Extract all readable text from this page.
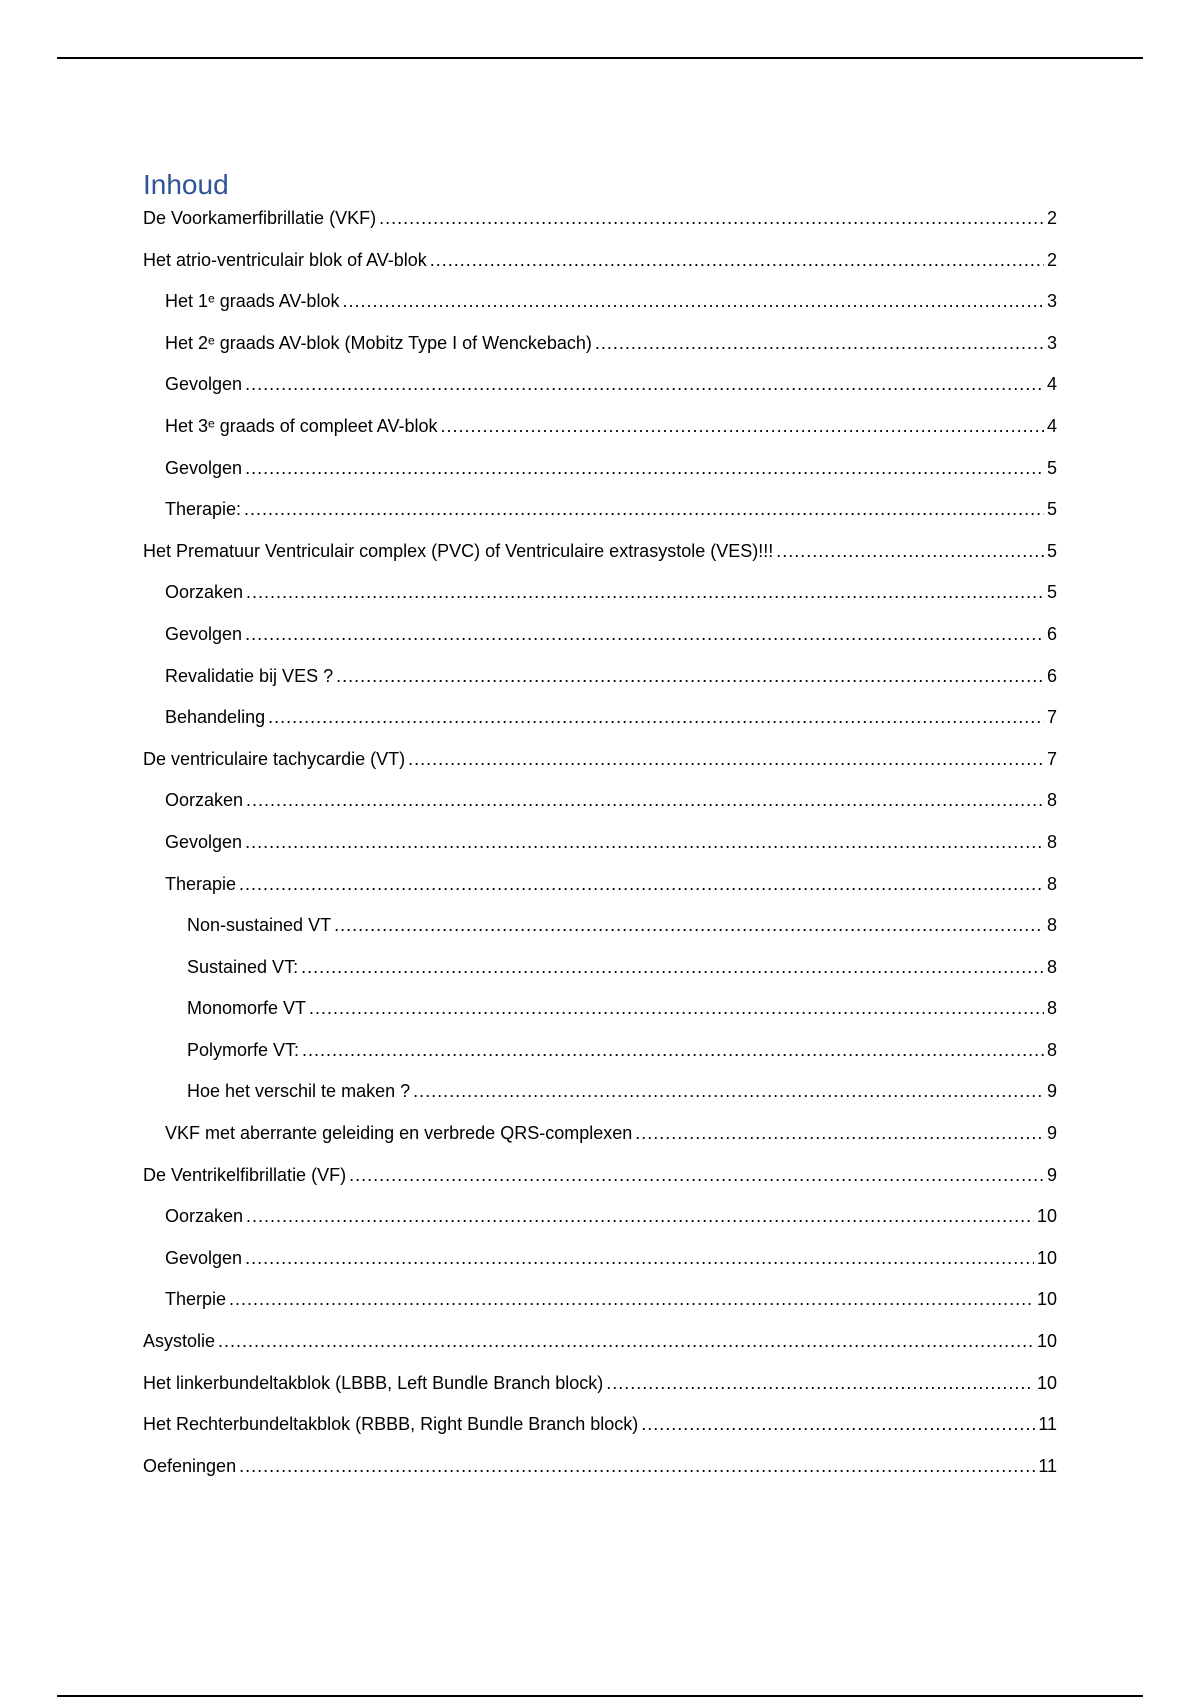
Inhoud
De Voorkamerfibrillatie (VKF) .....	2
Het atrio-ventriculair blok of AV-blok .....	2
Het 1ᵉ graads AV-blok .....	3
Het 2ᵉ graads AV-blok (Mobitz Type I of Wenckebach) .....	3
Gevolgen .....	4
Het 3ᵉ graads of compleet AV-blok .....	4
Gevolgen .....	5
Therapie: .....	5
Het Prematuur Ventriculair complex (PVC) of Ventriculaire extrasystole (VES)!!! .....	5
Oorzaken .....	5
Gevolgen .....	6
Revalidatie bij VES ? .....	6
Behandeling .....	7
De ventriculaire tachycardie (VT) .....	7
Oorzaken .....	8
Gevolgen .....	8
Therapie .....	8
Non-sustained VT .....	8
Sustained VT: .....	8
Monomorfe VT .....	8
Polymorfe VT: .....	8
Hoe het verschil te maken ? .....	9
VKF met aberrante geleiding en verbrede QRS-complexen .....	9
De Ventrikelfibrillatie (VF) .....	9
Oorzaken .....	10
Gevolgen .....	10
Therpie .....	10
Asystolie .....	10
Het linkerbundeltakblok (LBBB, Left Bundle Branch block) .....	10
Het Rechterbundeltakblok (RBBB, Right Bundle Branch block) .....	11
Oefeningen .....	11
